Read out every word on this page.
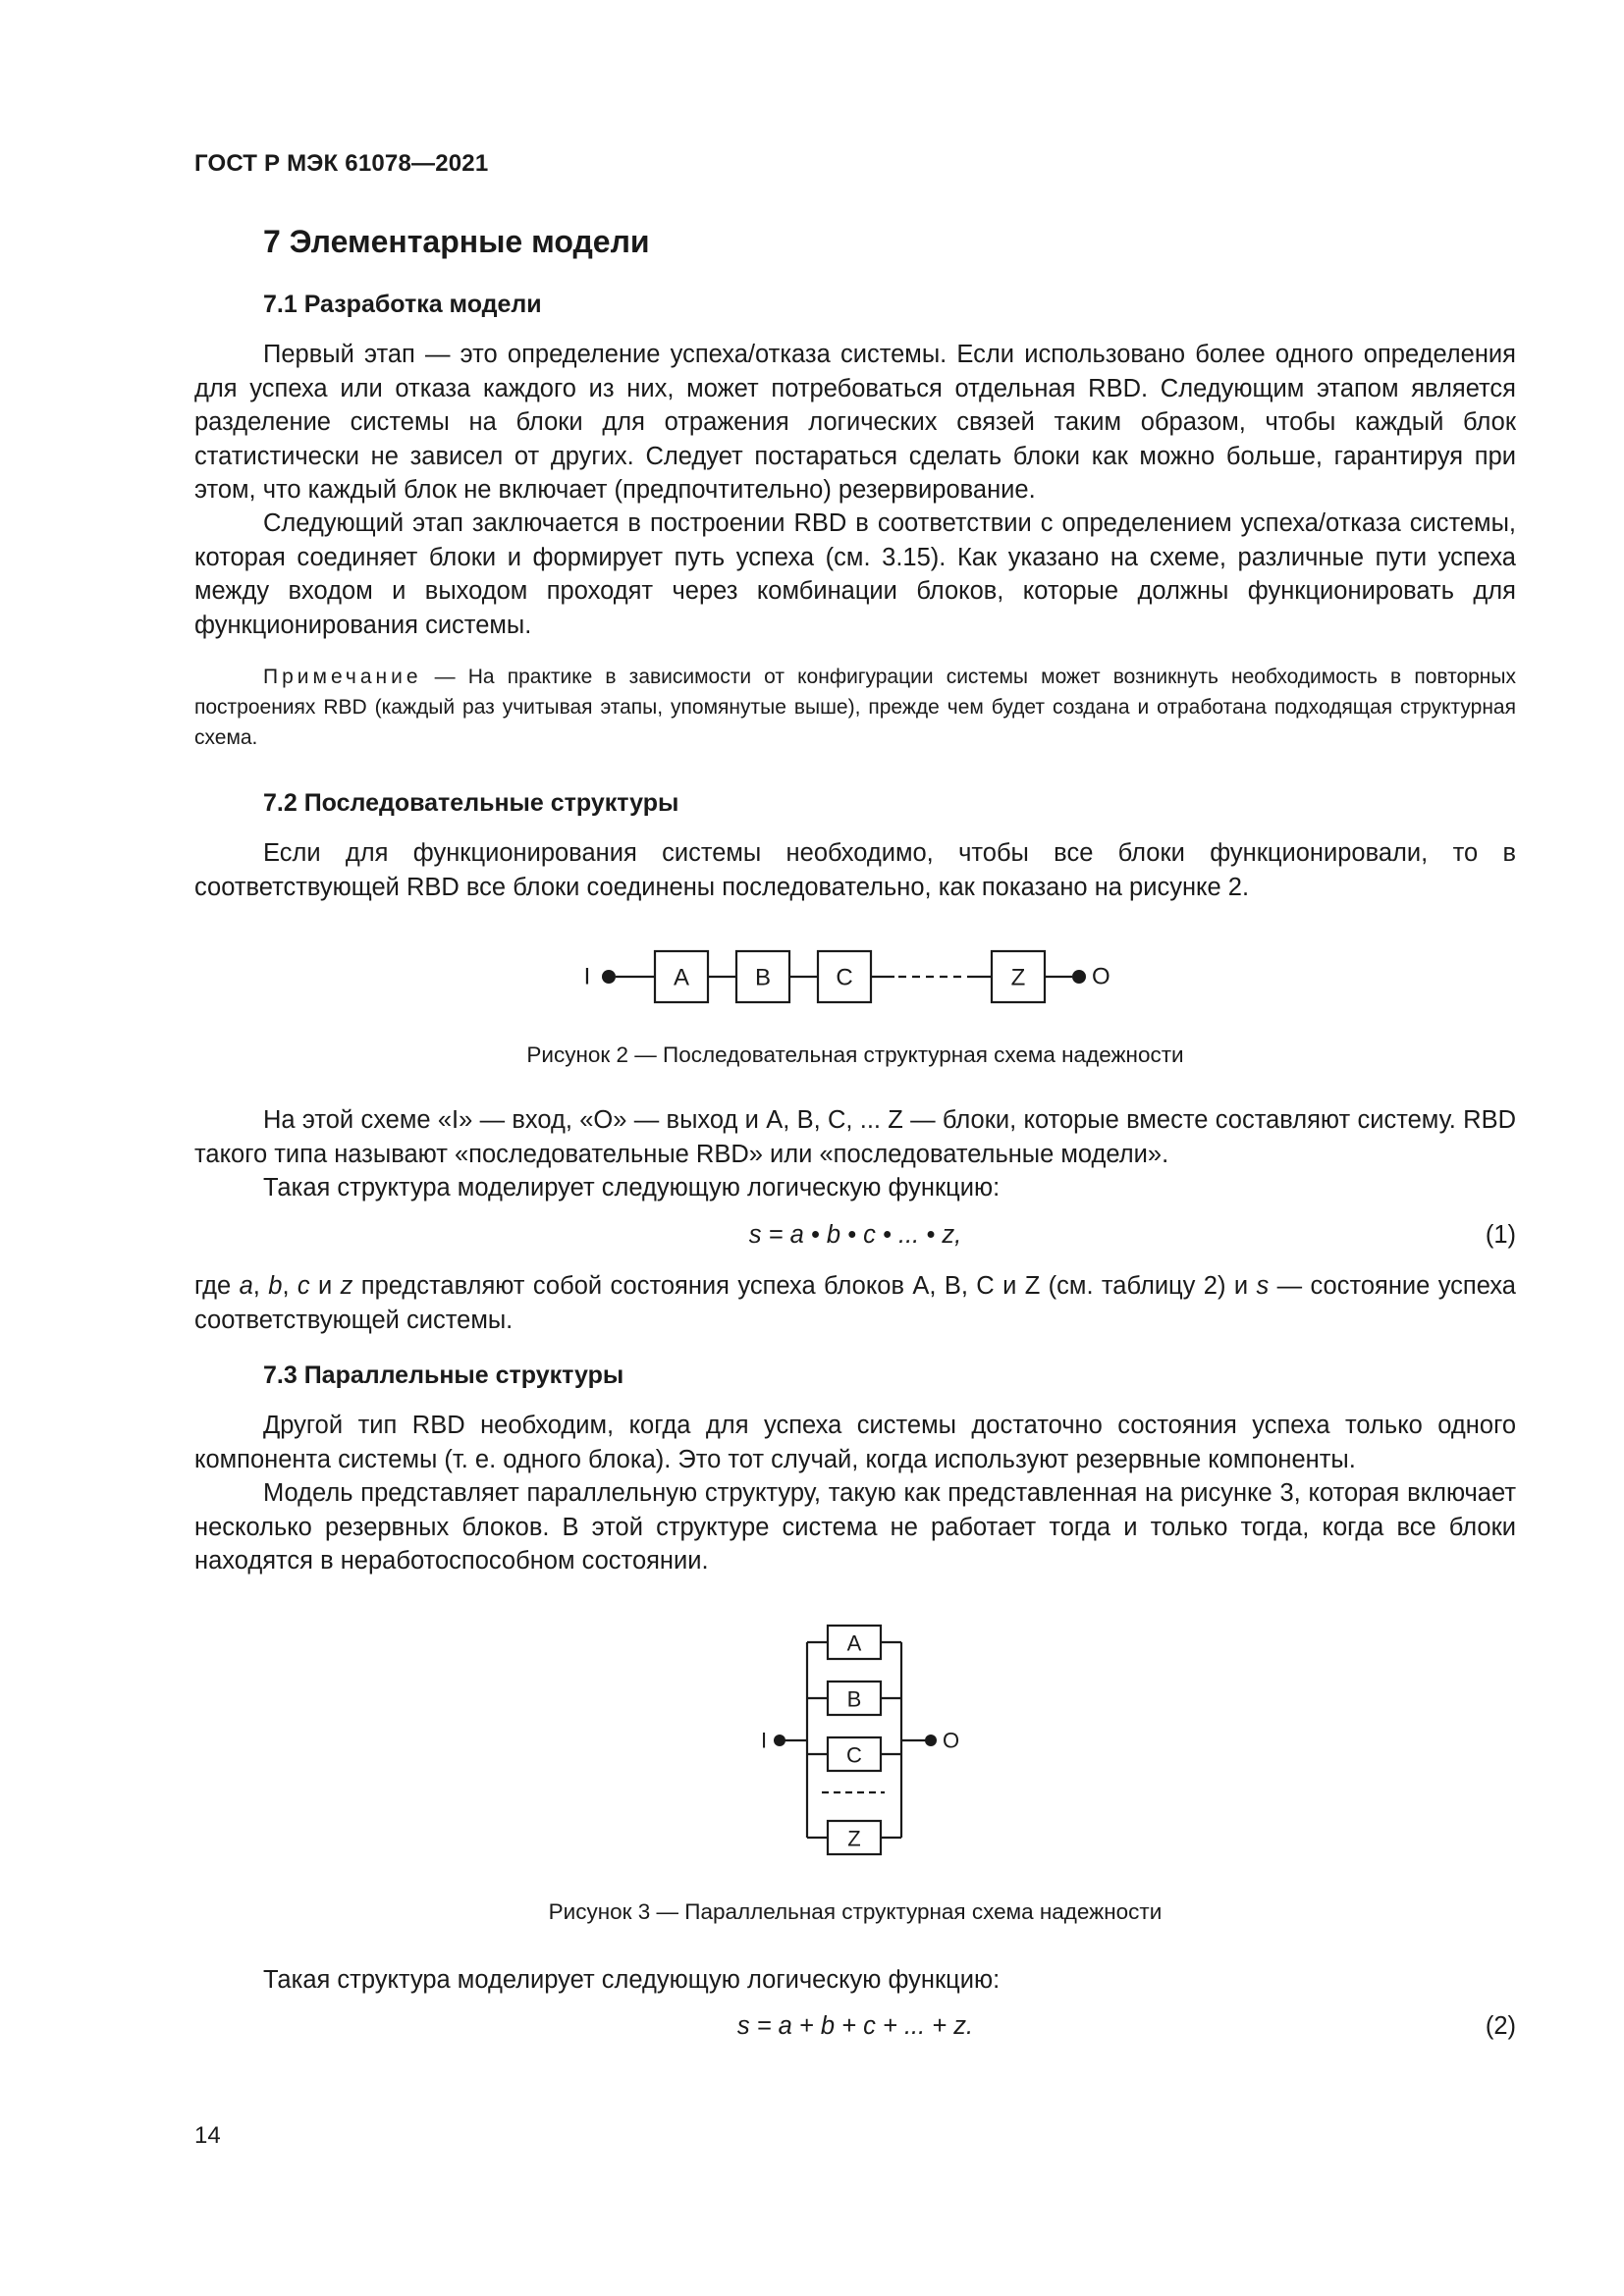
ГОСТ Р МЭК 61078—2021
7 Элементарные модели
7.1 Разработка модели

Первый этап — это определение успеха/отказа системы. Если использовано более одного определения для успеха или отказа каждого из них, может потребоваться отдельная RBD. Следующим этапом является разделение системы на блоки для отражения логических связей таким образом, чтобы каждый блок статистически не зависел от других. Следует постараться сделать блоки как можно больше, гарантируя при этом, что каждый блок не включает (предпочтительно) резервирование.

Следующий этап заключается в построении RBD в соответствии с определением успеха/отказа системы, которая соединяет блоки и формирует путь успеха (см. 3.15). Как указано на схеме, различные пути успеха между входом и выходом проходят через комбинации блоков, которые должны функционировать для функционирования системы.

Примечание — На практике в зависимости от конфигурации системы может возникнуть необходимость в повторных построениях RBD (каждый раз учитывая этапы, упомянутые выше), прежде чем будет создана и отработана подходящая структурная схема.

7.2 Последовательные структуры

Если для функционирования системы необходимо, чтобы все блоки функционировали, то в соответствующей RBD все блоки соединены последовательно, как показано на рисунке 2.

I	A	B	C	Z	O
Рисунок 2 — Последовательная структурная схема надежности

На этой схеме «I» — вход, «O» — выход и A, B, C, ... Z — блоки, которые вместе составляют систему. RBD такого типа называют «последовательные RBD» или «последовательные модели».

Такая структура моделирует следующую логическую функцию:

s = a • b • c • ... • z,	(1)

где a, b, c и z представляют собой состояния успеха блоков A, B, C и Z (см. таблицу 2) и s — состояние успеха соответствующей системы.

7.3 Параллельные структуры

Другой тип RBD необходим, когда для успеха системы достаточно состояния успеха только одного компонента системы (т. е. одного блока). Это тот случай, когда используют резервные компоненты.

Модель представляет параллельную структуру, такую как представленная на рисунке 3, которая включает несколько резервных блоков. В этой структуре система не работает тогда и только тогда, когда все блоки находятся в неработоспособном состоянии.

A
B
C
Z
I	O
Рисунок 3 — Параллельная структурная схема надежности

Такая структура моделирует следующую логическую функцию:

s = a + b + c + ... + z.	(2)
14
